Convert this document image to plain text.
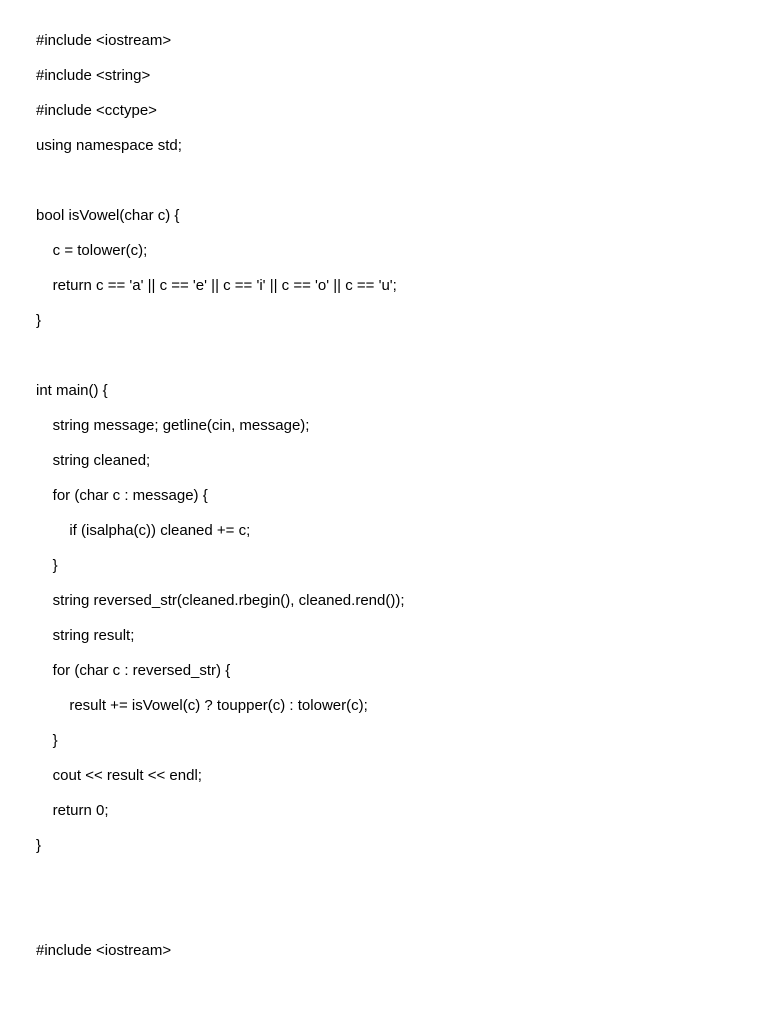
#include <iostream>
#include <string>
#include <cctype>
using namespace std;
bool isVowel(char c) {
c = tolower(c);
return c == 'a' || c == 'e' || c == 'i' || c == 'o' || c == 'u';
}
int main() {
string message; getline(cin, message);
string cleaned;
for (char c : message) {
if (isalpha(c)) cleaned += c;
}
string reversed_str(cleaned.rbegin(), cleaned.rend());
string result;
for (char c : reversed_str) {
result += isVowel(c) ? toupper(c) : tolower(c);
}
cout << result << endl;
return 0;
}
#include <iostream>
